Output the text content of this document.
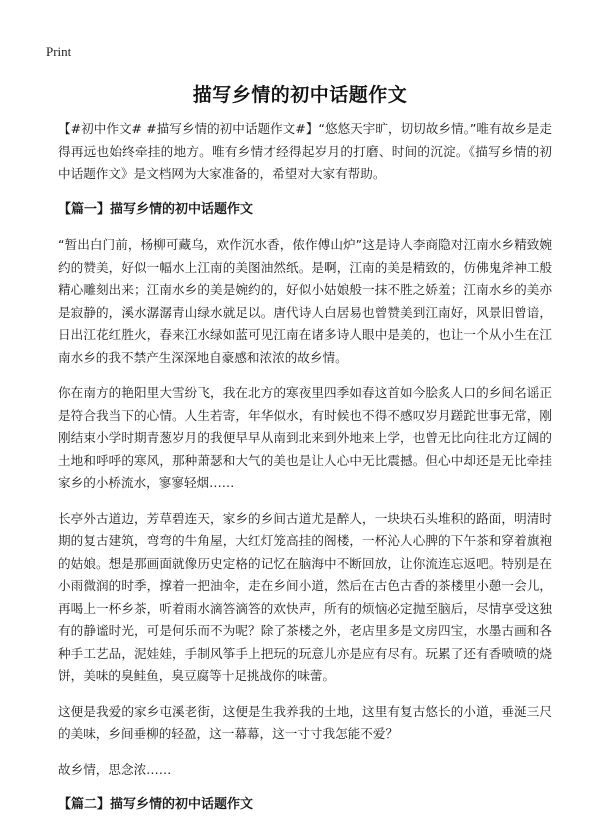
Print
描写乡情的初中话题作文

【#初中作文# #描写乡情的初中话题作文#】“悠悠天宇旷，切切故乡情。”唯有故乡是走得再远也始终牵挂的地方。唯有乡情才经得起岁月的打磨、时间的沉淀。《描写乡情的初中话题作文》是文档网为大家准备的，希望对大家有帮助。

【篇一】描写乡情的初中话题作文

“暂出白门前，杨柳可藏乌，欢作沉水香，侬作傅山炉”这是诗人李商隐对江南水乡精致婉约的赞美，好似一幅水上江南的美图油然纸。是啊，江南的美是精致的，仿佛鬼斧神工般精心雕刻出来；江南水乡的美是婉约的，好似小姑娘般一抹不胜之娇羞；江南水乡的美亦是寂静的，溪水潺潺青山绿水就足以。唐代诗人白居易也曾赞美到江南好，风景旧曾谙，日出江花红胜火，春来江水绿如蓝可见江南在诸多诗人眼中是美的，也让一个从小生在江南水乡的我不禁产生深深地自豪感和浓浓的故乡情。

你在南方的艳阳里大雪纷飞，我在北方的寒夜里四季如春这首如今脍炙人口的乡间名谣正是符合我当下的心情。人生若寄，年华似水，有时候也不得不感叹岁月蹉跎世事无常，刚刚结束小学时期青葱岁月的我便早早从南到北来到外地来上学，也曾无比向往北方辽阔的土地和呼呼的寒风，那种萧瑟和大气的美也是让人心中无比震撼。但心中却还是无比牵挂家乡的小桥流水，寥寥轻烟……

长亭外古道边，芳草碧连天，家乡的乡间古道尤是醉人，一块块石头堆积的路面，明清时期的复古建筑，弯弯的牛角屋，大红灯笼高挂的阁楼，一杯沁人心脾的下午茶和穿着旗袍的姑娘。想是那画面就像历史定格的记忆在脑海中不断回放，让你流连忘返吧。特别是在小雨微润的时季，撑着一把油伞，走在乡间小道，然后在古色古香的茶楼里小憩一会儿，再喝上一杯乡茶，听着雨水滴答滴答的欢快声，所有的烦恼必定抛至脑后，尽情享受这独有的静谧时光，可是何乐而不为呢？除了茶楼之外，老店里多是文房四宝，水墨古画和各种手工艺品，泥娃娃，手制风筝手上把玩的玩意儿亦是应有尽有。玩累了还有香喷喷的烧饼，美味的臭鲑鱼，臭豆腐等十足挑战你的味蕾。

这便是我爱的家乡屯溪老街，这便是生我养我的土地，这里有复古悠长的小道，垂涎三尺的美味，乡间垂柳的轻盈，这一幕幕，这一寸寸我怎能不爱？

故乡情，思念浓……

【篇二】描写乡情的初中话题作文
